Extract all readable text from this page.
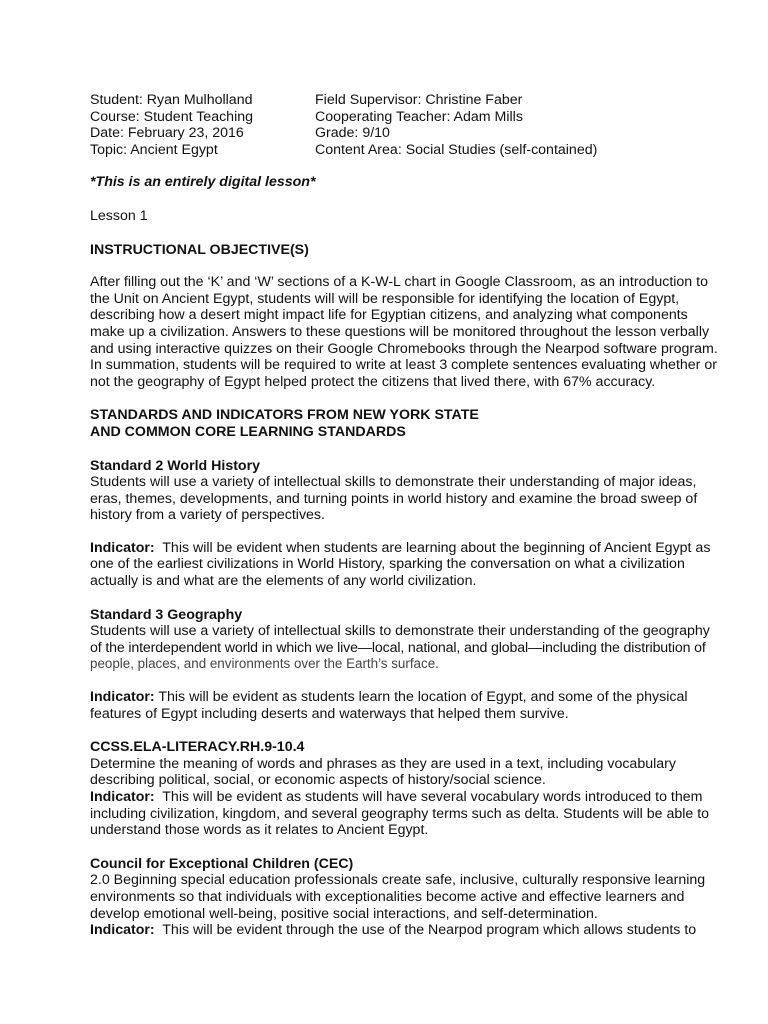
Student: Ryan Mulholland	Field Supervisor: Christine Faber
Course: Student Teaching	Cooperating Teacher: Adam Mills
Date: February 23, 2016	Grade: 9/10
Topic: Ancient Egypt	Content Area: Social Studies (self-contained)
*This is an entirely digital lesson*
Lesson 1
INSTRUCTIONAL OBJECTIVE(S)
After filling out the ‘K’ and ‘W’ sections of a K-W-L chart in Google Classroom, as an introduction to
the Unit on Ancient Egypt, students will will be responsible for identifying the location of Egypt,
describing how a desert might impact life for Egyptian citizens, and analyzing what components
make up a civilization. Answers to these questions will be monitored throughout the lesson verbally
and using interactive quizzes on their Google Chromebooks through the Nearpod software program.
In summation, students will be required to write at least 3 complete sentences evaluating whether or
not the geography of Egypt helped protect the citizens that lived there, with 67% accuracy.
STANDARDS AND INDICATORS FROM NEW YORK STATE
AND COMMON CORE LEARNING STANDARDS
Standard 2 World History
Students will use a variety of intellectual skills to demonstrate their understanding of major ideas,
eras, themes, developments, and turning points in world history and examine the broad sweep of
history from a variety of perspectives.
Indicator:  This will be evident when students are learning about the beginning of Ancient Egypt as
one of the earliest civilizations in World History, sparking the conversation on what a civilization
actually is and what are the elements of any world civilization.
Standard 3 Geography
Students will use a variety of intellectual skills to demonstrate their understanding of the geography
of the interdependent world in which we live—local, national, and global—including the distribution of
people, places, and environments over the Earth’s surface.
Indicator: This will be evident as students learn the location of Egypt, and some of the physical
features of Egypt including deserts and waterways that helped them survive.
CCSS.ELA-LITERACY.RH.9-10.4
Determine the meaning of words and phrases as they are used in a text, including vocabulary
describing political, social, or economic aspects of history/social science.
Indicator:  This will be evident as students will have several vocabulary words introduced to them
including civilization, kingdom, and several geography terms such as delta. Students will be able to
understand those words as it relates to Ancient Egypt.
Council for Exceptional Children (CEC)
2.0 Beginning special education professionals create safe, inclusive, culturally responsive learning
environments so that individuals with exceptionalities become active and effective learners and
develop emotional well-being, positive social interactions, and self-determination.
Indicator:  This will be evident through the use of the Nearpod program which allows students to
